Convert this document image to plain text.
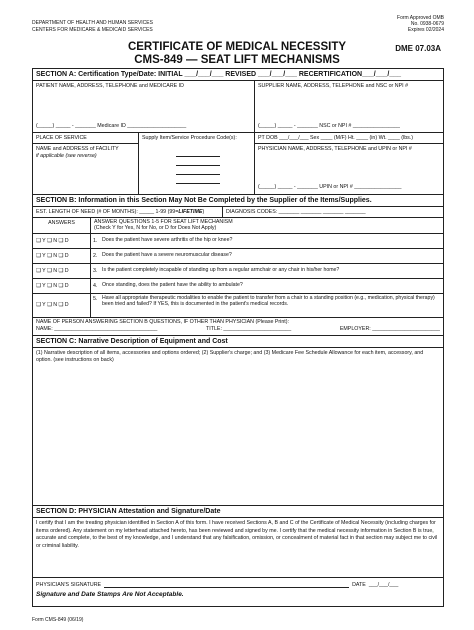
DEPARTMENT OF HEALTH AND HUMAN SERVICES
CENTERS FOR MEDICARE & MEDICAID SERVICES
Form Approved OMB
No. 0938-0679
Expires 02/2024
CERTIFICATE OF MEDICAL NECESSITY
CMS-849 — SEAT LIFT MECHANISMS
DME 07.03A
SECTION A: Certification Type/Date: INITIAL ___/___/___ REVISED ___/___/___ RECERTIFICATION___/___/___
PATIENT NAME, ADDRESS, TELEPHONE and MEDICARE ID
(_____) _____ - _______ Medicare ID ____________________
SUPPLIER NAME, ADDRESS, TELEPHONE and NSC or NPI #
(_____) _____ - _______ NSC or NPI # ________________
PLACE OF SERVICE
NAME and ADDRESS of FACILITY
if applicable (see reverse)
Supply Item/Service Procedure Code(s):	PT DOB ___/___/___ Sex ____ (M/F) Ht. ____ (in) Wt. ____ (lbs.)
PHYSICIAN NAME, ADDRESS, TELEPHONE and UPIN or NPI #
(_____) _____ - _______ UPIN or NPI # ________________
SECTION B: Information in this Section May Not Be Completed by the Supplier of the Items/Supplies.
EST. LENGTH OF NEED (# OF MONTHS): _____ 1-99 (99=LIFETIME)	DIAGNOSIS CODES: _______ _______ _______ _______
ANSWERS	ANSWER QUESTIONS 1-5 FOR SEAT LIFT MECHANISM
(Check Y for Yes, N for No, or D for Does Not Apply)
❑ Y ❑ N ❑ D	1. Does the patient have severe arthritis of the hip or knee?
❑ Y ❑ N ❑ D	2. Does the patient have a severe neuromuscular disease?
❑ Y ❑ N ❑ D	3. Is the patient completely incapable of standing up from a regular armchair or any chair in his/her home?
❑ Y ❑ N ❑ D	4. Once standing, does the patient have the ability to ambulate?
❑ Y ❑ N ❑ D
5. Have all appropriate therapeutic modalities to enable the patient to transfer from a chair to a standing position (e.g., medication, physical therapy) been tried and failed? If YES, this is documented in the patient's medical records.
NAME OF PERSON ANSWERING SECTION B QUESTIONS, IF OTHER THAN PHYSICIAN (Please Print):
NAME: ___________________________________	TITLE: _______________________	EMPLOYER: _______________________
SECTION C: Narrative Description of Equipment and Cost
(1) Narrative description of all items, accessories and options ordered; (2) Supplier's charge; and (3) Medicare Fee Schedule Allowance for each item, accessory, and option. (see instructions on back)
SECTION D: PHYSICIAN Attestation and Signature/Date
I certify that I am the treating physician identified in Section A of this form. I have received Sections A, B and C of the Certificate of Medical Necessity (including charges for items ordered). Any statement on my letterhead attached hereto, has been reviewed and signed by me. I certify that the medical necessity information in Section B is true, accurate and complete, to the best of my knowledge, and I understand that any falsification, omission, or concealment of material fact in that section may subject me to civil or criminal liability.
PHYSICIAN'S SIGNATURE	DATE ___/___/___
Signature and Date Stamps Are Not Acceptable.
Form CMS-849 (06/19)
